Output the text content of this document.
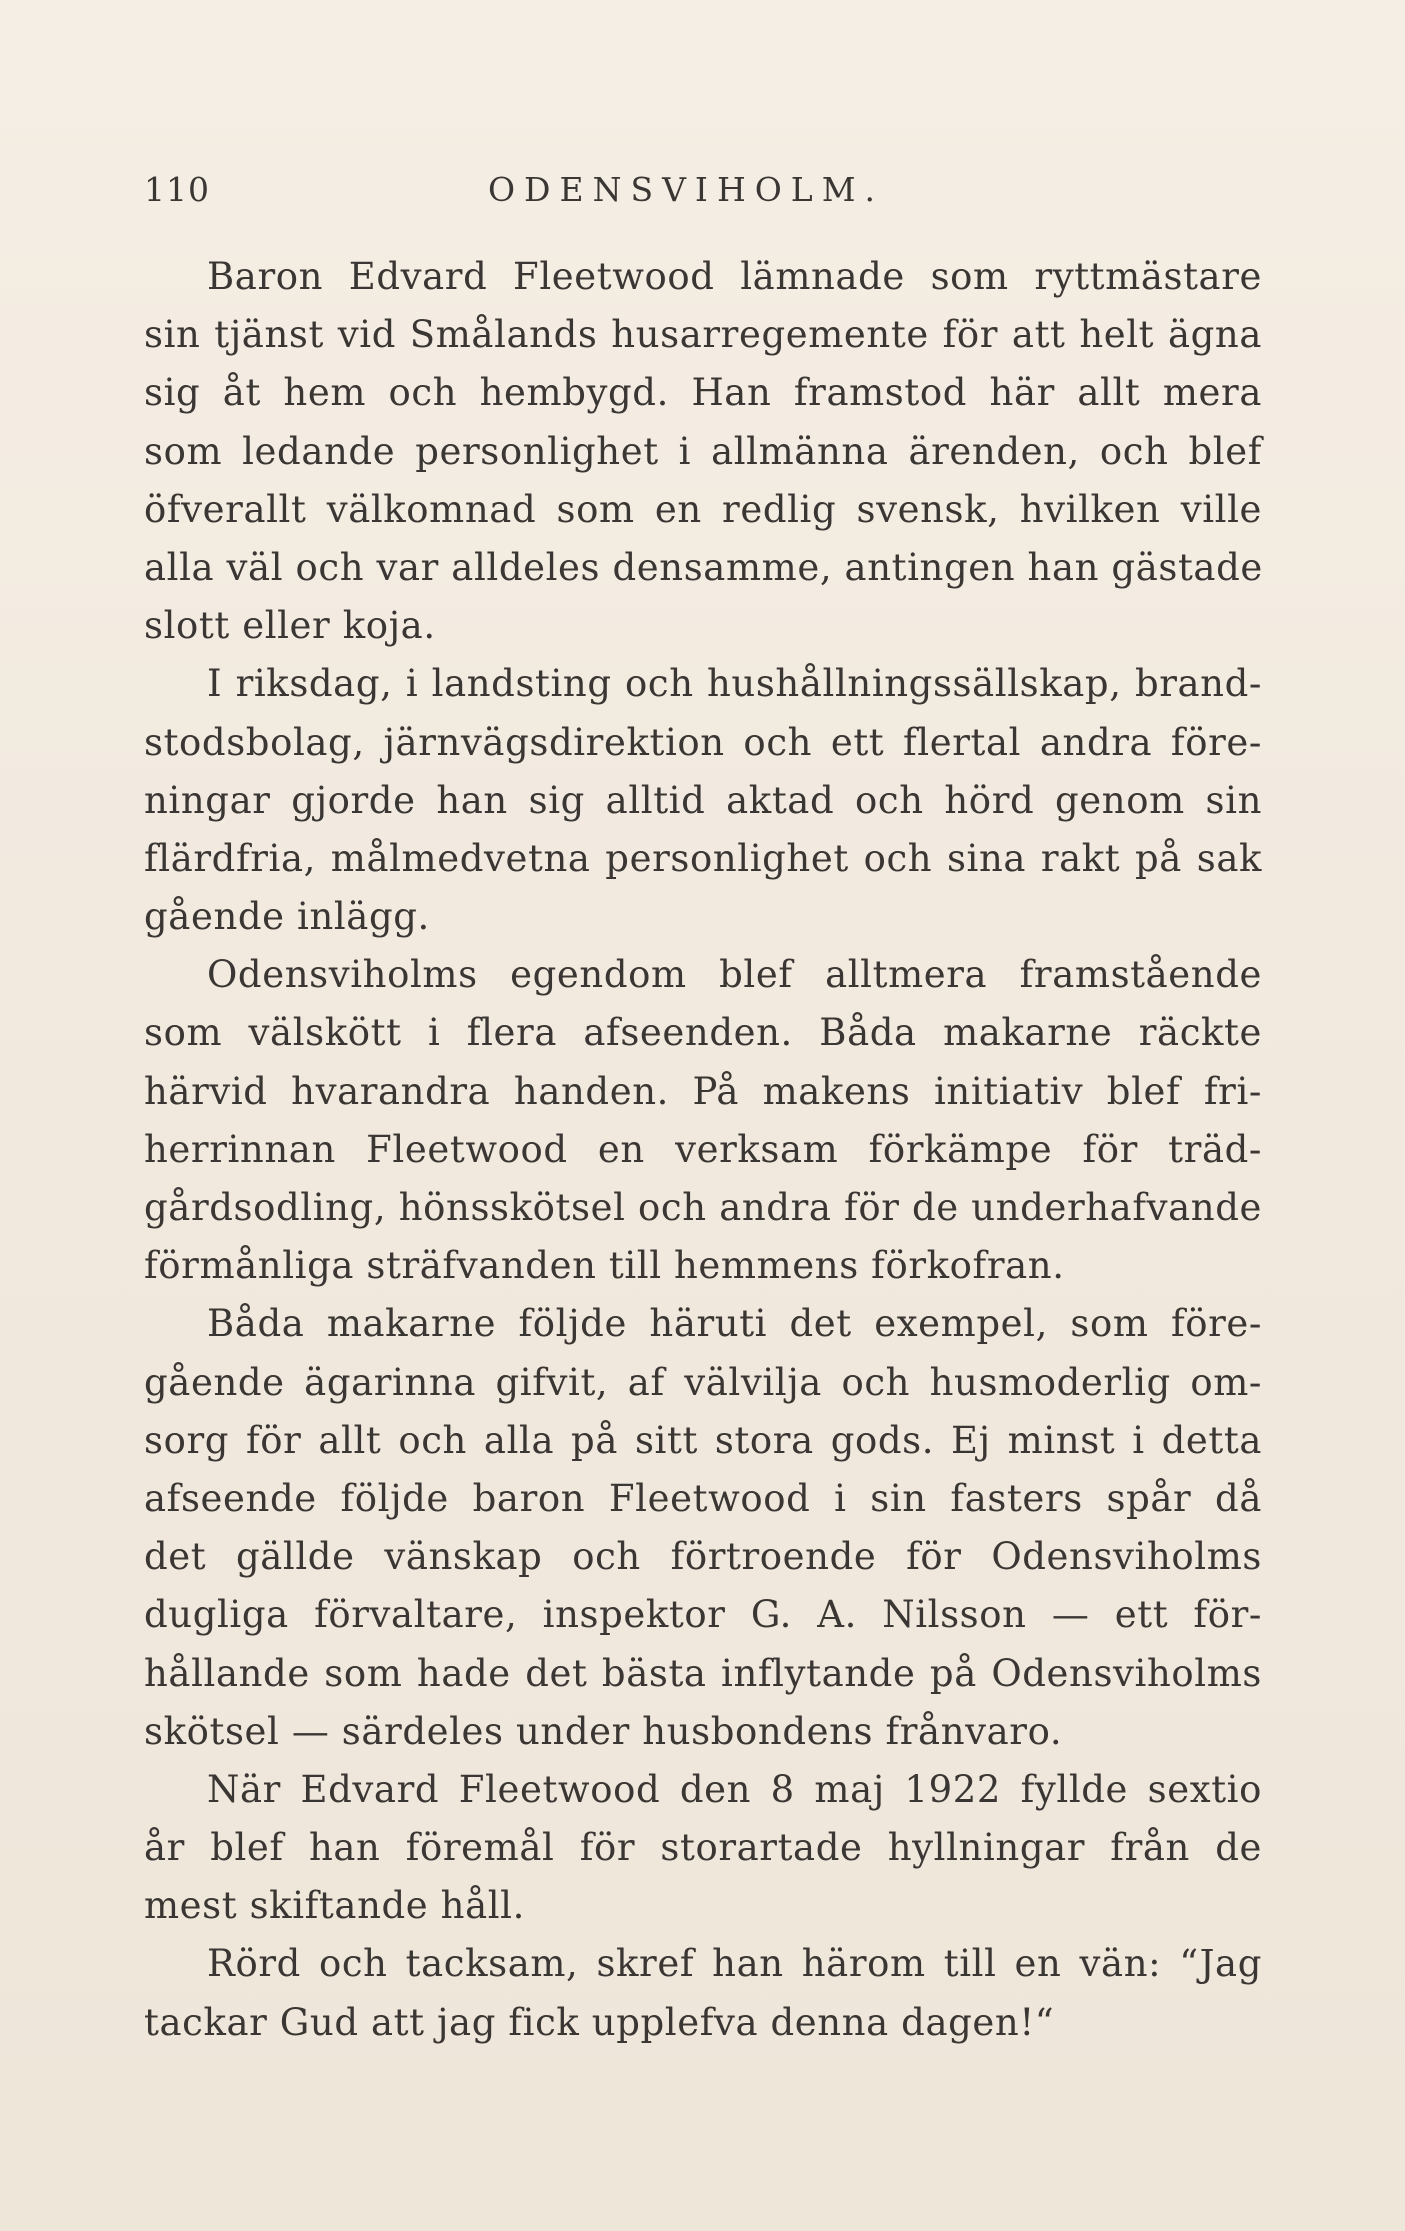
110	ODENSVIHOLM.
Baron Edvard Fleetwood lämnade som ryttmästare
sin tjänst vid Smålands husarregemente för att helt ägna
sig åt hem och hembygd. Han framstod här allt mera
som ledande personlighet i allmänna ärenden, och blef
öfverallt välkomnad som en redlig svensk, hvilken ville
alla väl och var alldeles densamme, antingen han gästade
slott eller koja.
I riksdag, i landsting och hushållningssällskap, brand-
stodsbolag, järnvägsdirektion och ett flertal andra före-
ningar gjorde han sig alltid aktad och hörd genom sin
flärdfria, målmedvetna personlighet och sina rakt på sak
gående inlägg.
Odensviholms egendom blef alltmera framstående
som välskött i flera afseenden. Båda makarne räckte
härvid hvarandra handen. På makens initiativ blef fri-
herrinnan Fleetwood en verksam förkämpe för träd-
gårdsodling, hönsskötsel och andra för de underhafvande
förmånliga sträfvanden till hemmens förkofran.
Båda makarne följde häruti det exempel, som före-
gående ägarinna gifvit, af välvilja och husmoderlig om-
sorg för allt och alla på sitt stora gods. Ej minst i detta
afseende följde baron Fleetwood i sin fasters spår då
det gällde vänskap och förtroende för Odensviholms
dugliga förvaltare, inspektor G. A. Nilsson — ett för-
hållande som hade det bästa inflytande på Odensviholms
skötsel — särdeles under husbondens frånvaro.
När Edvard Fleetwood den 8 maj 1922 fyllde sextio
år blef han föremål för storartade hyllningar från de
mest skiftande håll.
Rörd och tacksam, skref han härom till en vän: “Jag
tackar Gud att jag fick upplefva denna dagen!“
